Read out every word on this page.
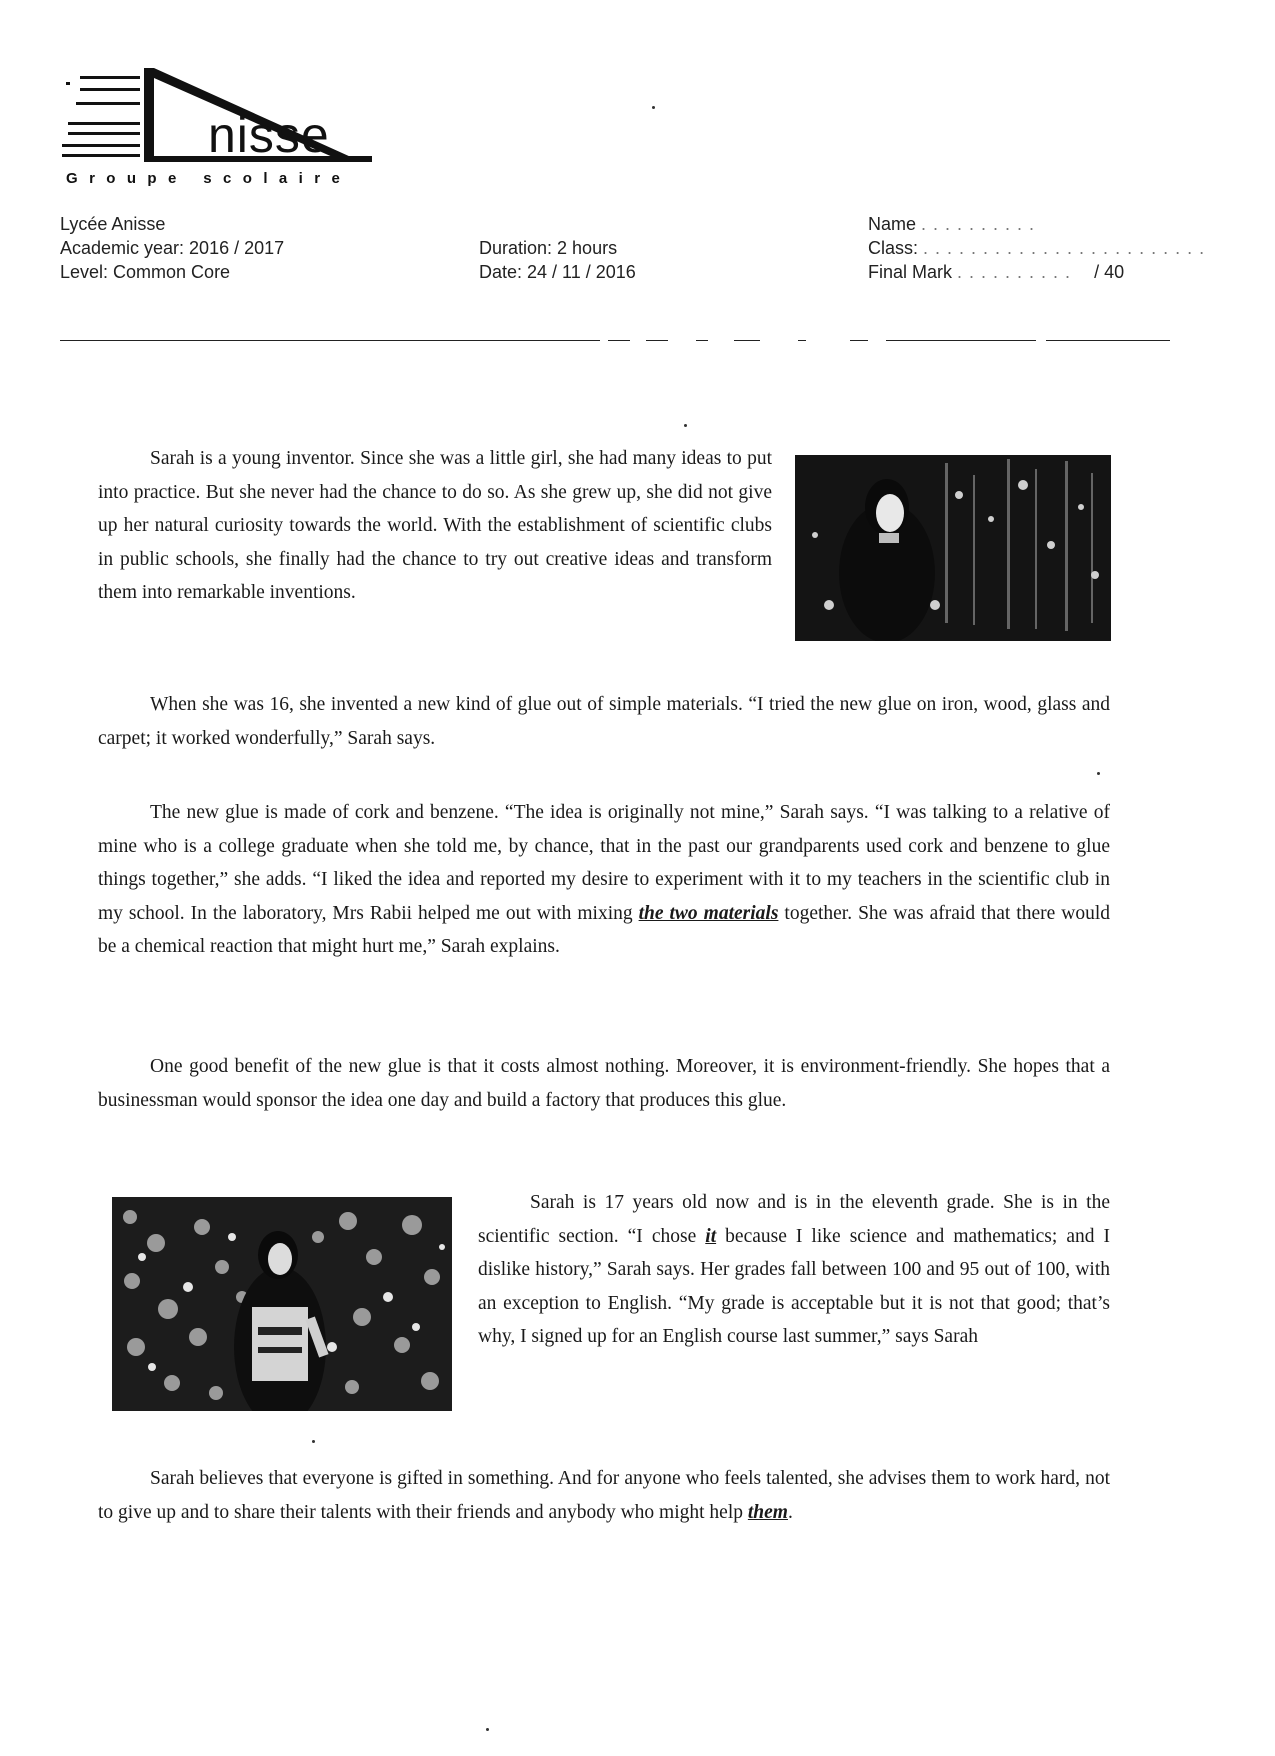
nisse
Groupe scolaire
Lycée Anisse
Academic year: 2016 / 2017
Level: Common Core
Duration: 2 hours
Date: 24 / 11 / 2016
Name . . . . . . . . . .
Class: . . . . . . . . . . . . . . . . . . . . . . . .
Final Mark . . . . . . . . . . / 40

Sarah is a young inventor. Since she was a little girl, she had many ideas to put into practice. But she never had the chance to do so. As she grew up, she did not give up her natural curiosity towards the world. With the establishment of scientific clubs in public schools, she finally had the chance to try out creative ideas and transform them into remarkable inventions.

When she was 16, she invented a new kind of glue out of simple materials. “I tried the new glue on iron, wood, glass and carpet; it worked wonderfully,” Sarah says.

The new glue is made of cork and benzene. “The idea is originally not mine,” Sarah says. “I was talking to a relative of mine who is a college graduate when she told me, by chance, that in the past our grandparents used cork and benzene to glue things together,” she adds. “I liked the idea and reported my desire to experiment with it to my teachers in the scientific club in my school. In the laboratory, Mrs Rabii helped me out with mixing the two materials together. She was afraid that there would be a chemical reaction that might hurt me,” Sarah explains.

One good benefit of the new glue is that it costs almost nothing. Moreover, it is environment-friendly. She hopes that a businessman would sponsor the idea one day and build a factory that produces this glue.

Sarah is 17 years old now and is in the eleventh grade. She is in the scientific section. “I chose it because I like science and mathematics; and I dislike history,” Sarah says. Her grades fall between 100 and 95 out of 100, with an exception to English. “My grade is acceptable but it is not that good; that’s why, I signed up for an English course last summer,” says Sarah

Sarah believes that everyone is gifted in something. And for anyone who feels talented, she advises them to work hard, not to give up and to share their talents with their friends and anybody who might help them.
